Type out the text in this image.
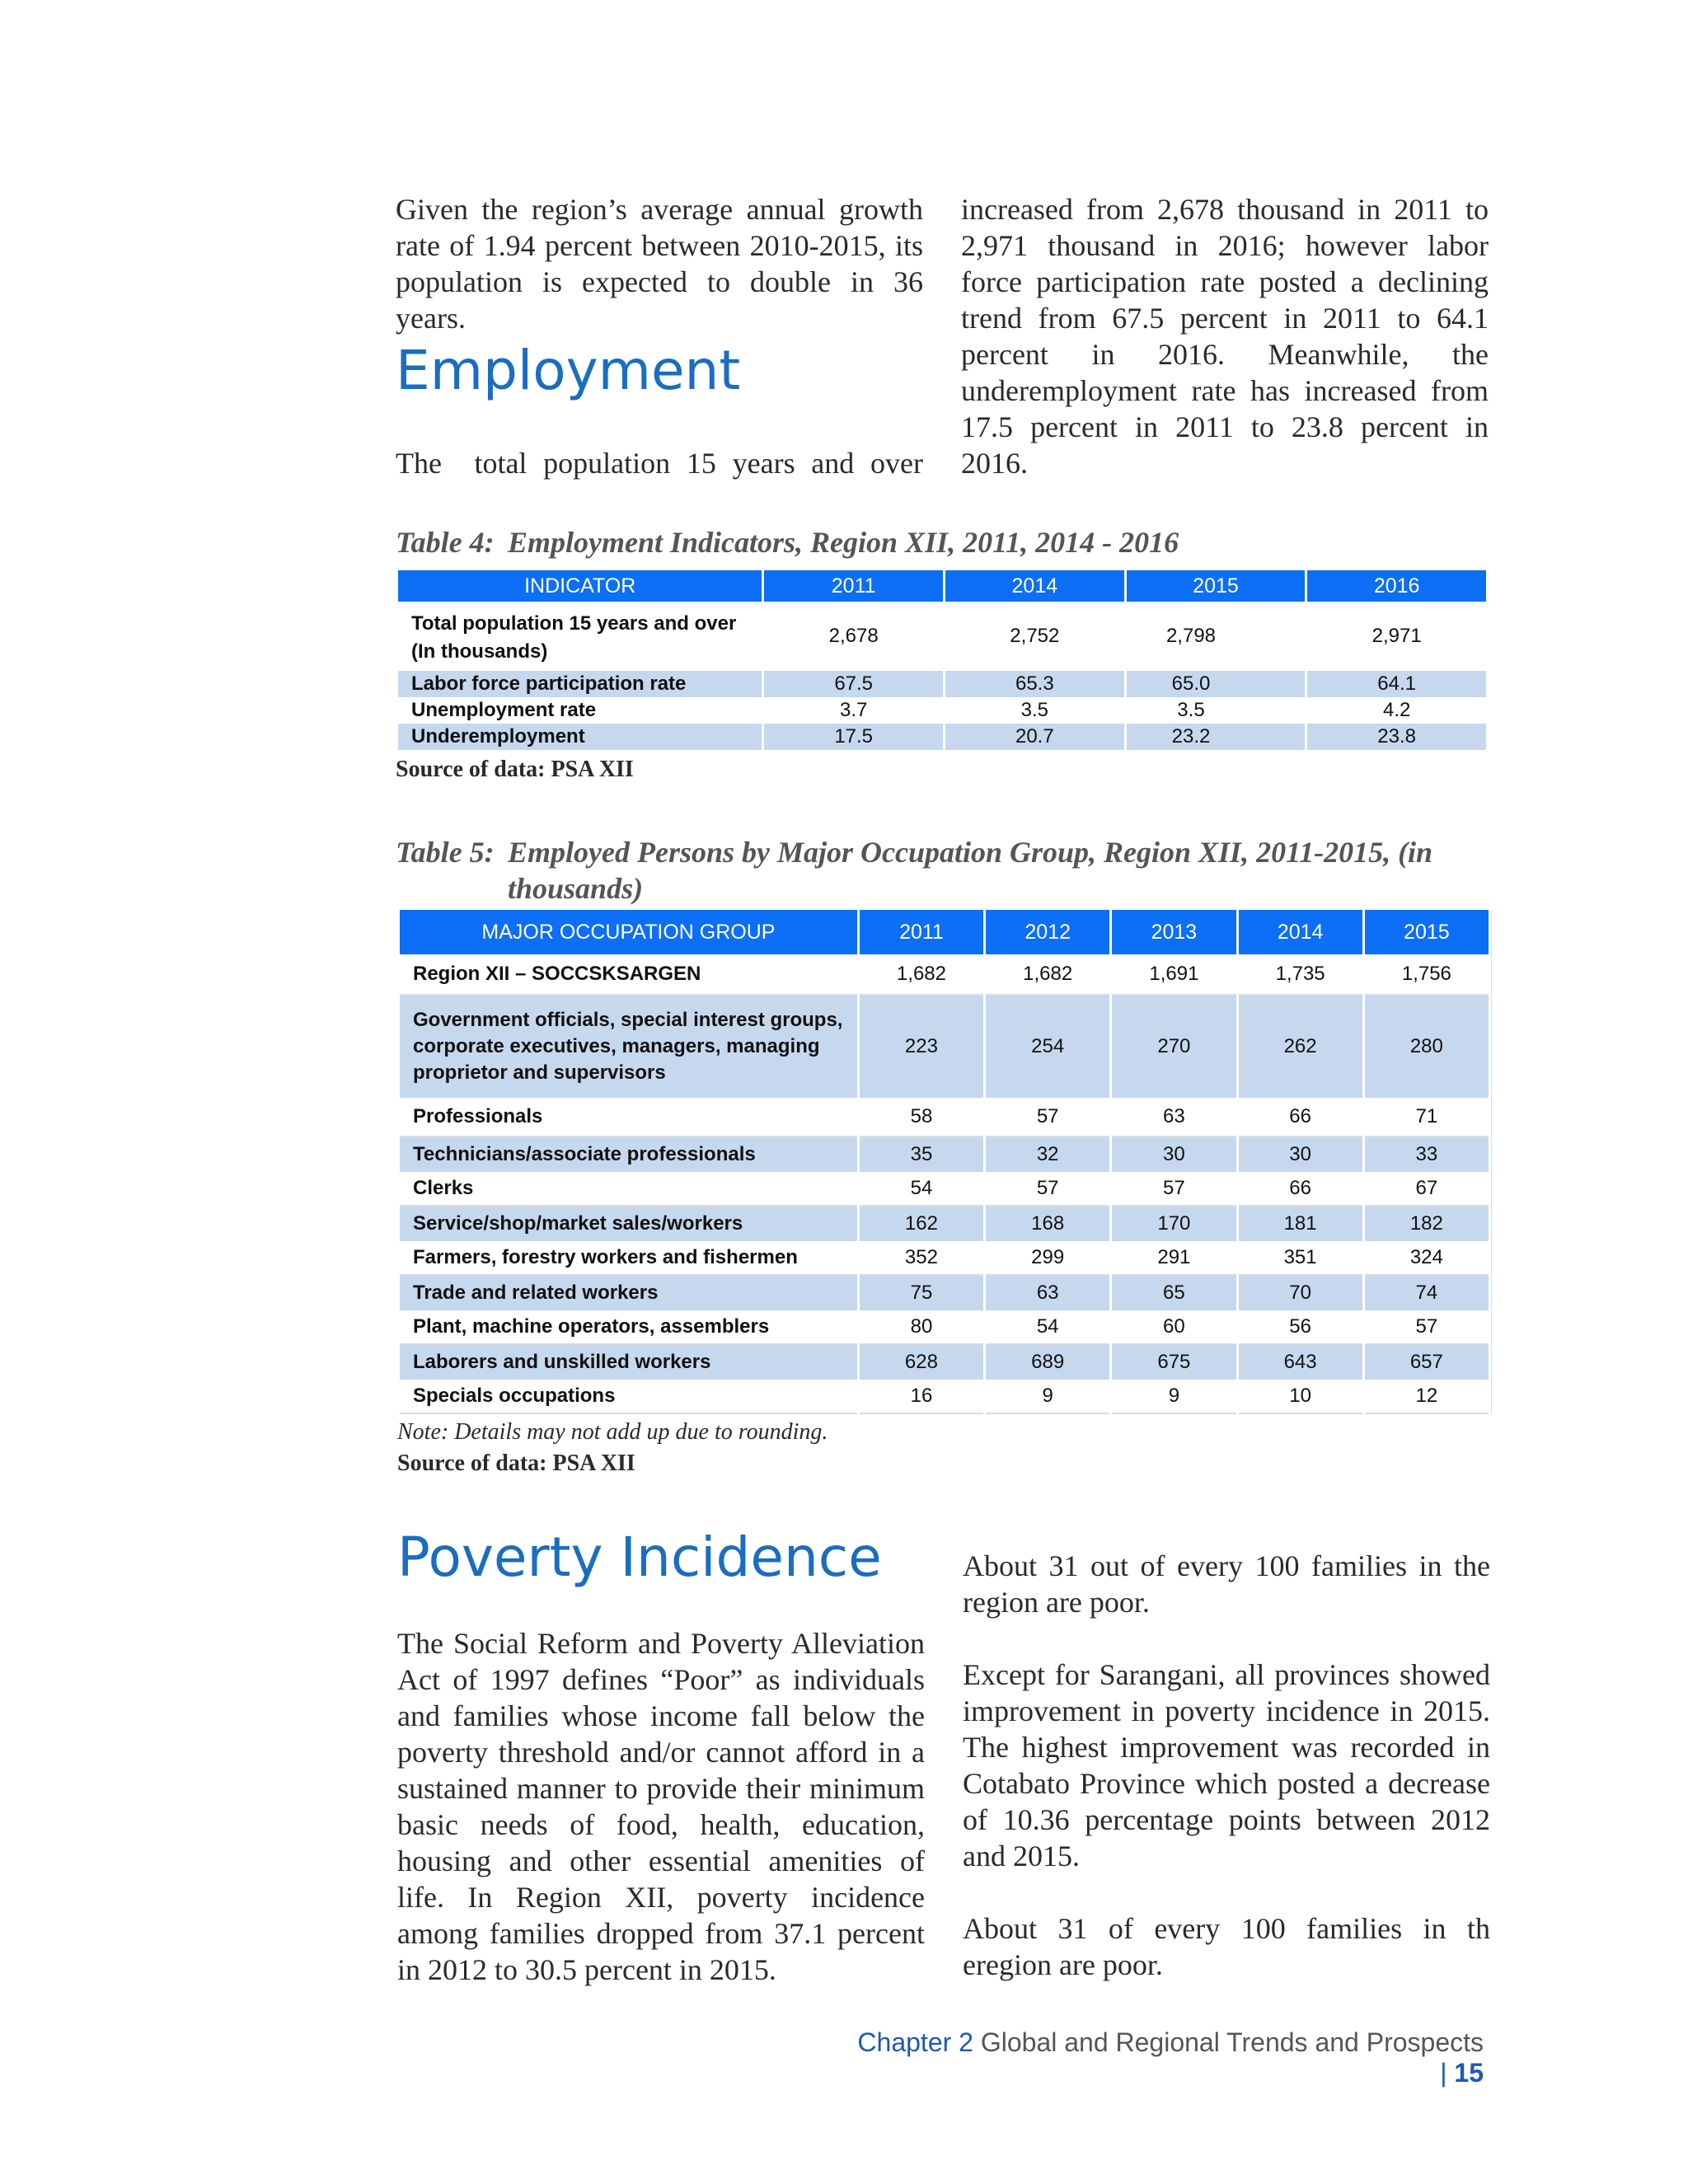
Given the region’s average annual growth rate of 1.94 percent between 2010-2015, its population is expected to double in 36 years.

Employment

The  total population 15 years and over

increased from 2,678 thousand in 2011 to 2,971 thousand in 2016; however labor force participation rate posted a declining trend from 67.5 percent in 2011 to 64.1 percent in 2016. Meanwhile, the underemployment rate has increased from 17.5 percent in 2011 to 23.8 percent in 2016.

Table 4: Employment Indicators, Region XII, 2011, 2014 - 2016
INDICATOR	2011	2014	2015	2016

Total population 15 years and over
(In thousands)	2,678	2,752	2,798	2,971
Labor force participation rate	67.5	65.3	65.0	64.1
Unemployment rate	3.7	3.5	3.5	4.2
Underemployment	17.5	20.7	23.2	23.8
Source of data: PSA XII
Table 5: Employed Persons by Major Occupation Group, Region XII, 2011-2015, (in thousands)
MAJOR OCCUPATION GROUP	2011	2012	2013	2014	2015
Region XII – SOCCSKSARGEN	1,682	1,682	1,691	1,735	1,756

Government officials, special interest groups,
corporate executives, managers, managing
proprietor and supervisors	223	254	270	262	280
Professionals	58	57	63	66	71
Technicians/associate professionals	35	32	30	30	33
Clerks	54	57	57	66	67
Service/shop/market sales/workers	162	168	170	181	182
Farmers, forestry workers and fishermen	352	299	291	351	324
Trade and related workers	75	63	65	70	74
Plant, machine operators, assemblers	80	54	60	56	57
Laborers and unskilled workers	628	689	675	643	657
Specials occupations	16	9	9	10	12
Note: Details may not add up due to rounding.
Source of data: PSA XII
Poverty Incidence

The Social Reform and Poverty Alleviation Act of 1997 defines “Poor” as individuals and families whose income fall below the poverty threshold and/or cannot afford in a sustained manner to provide their minimum basic needs of food, health, education, housing and other essential amenities of life. In Region XII, poverty incidence among families dropped from 37.1 percent in 2012 to 30.5 percent in 2015.

About 31 out of every 100 families in the region are poor.

Except for Sarangani, all provinces showed improvement in poverty incidence in 2015. The highest improvement was recorded in Cotabato Province which posted a decrease of 10.36 percentage points between 2012 and 2015.

About 31 of every 100 families in th eregion are poor.

Chapter 2 Global and Regional Trends and Prospects | 15
